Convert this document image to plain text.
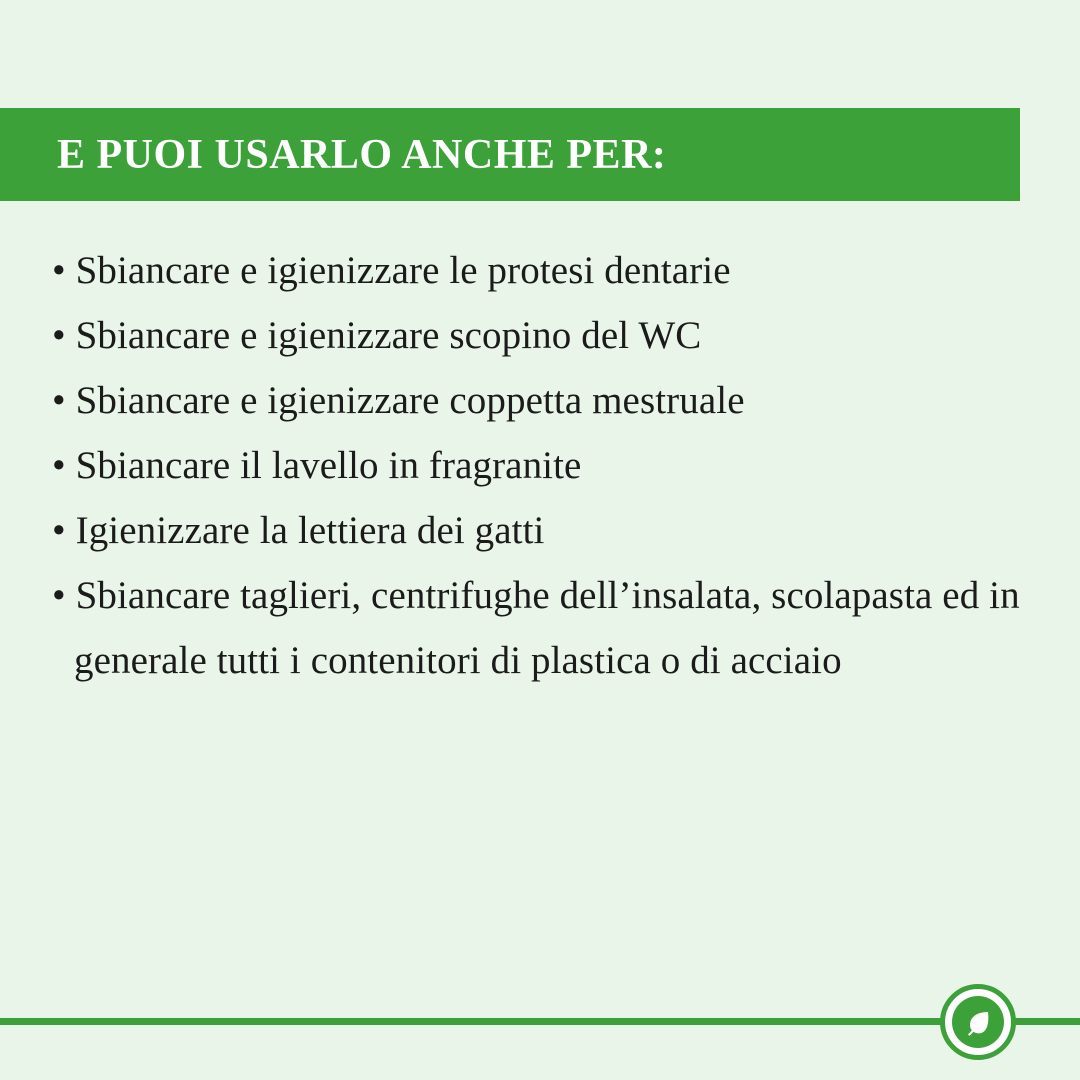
E PUOI USARLO ANCHE PER:
• Sbiancare e igienizzare le protesi dentarie
• Sbiancare e igienizzare scopino del WC
• Sbiancare e igienizzare coppetta mestruale
• Sbiancare il lavello in fragranite
• Igienizzare la lettiera dei gatti
• Sbiancare taglieri, centrifughe dell’insalata, scolapasta ed in generale tutti i contenitori di plastica o di acciaio
